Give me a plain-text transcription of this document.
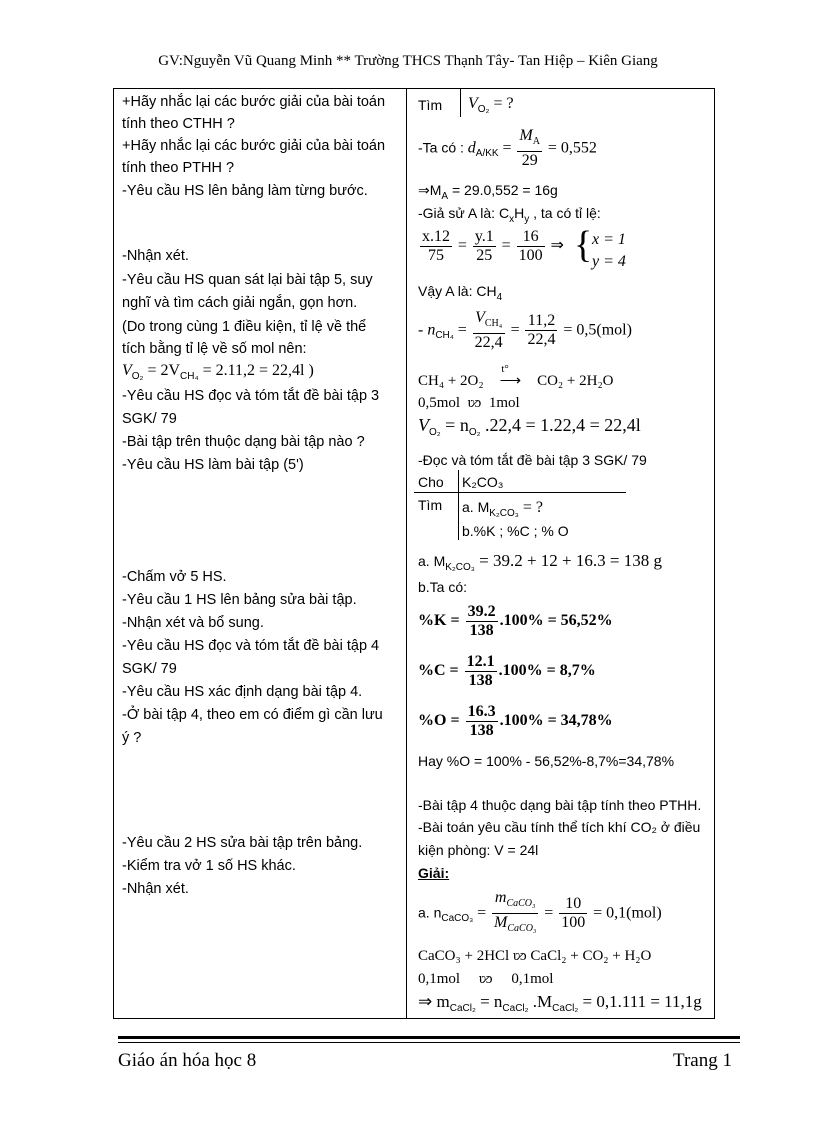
GV:Nguyễn Vũ Quang Minh ** Trường THCS Thạnh Tây- Tan Hiệp – Kiên Giang
+Hãy nhắc lại các bước giải của bài toán
tính theo CTHH ?
+Hãy nhắc lại các bước giải của bài toán
tính theo PTHH ?
-Yêu cầu HS lên bảng làm từng bước.
-Nhận xét.
-Yêu cầu HS quan sát lại bài tập 5, suy
nghĩ và tìm cách giải ngắn, gọn hơn.
(Do trong cùng 1 điều kiện, tỉ lệ về thể
tích bằng tỉ lệ về số mol nên:
$V_{O_2} = 2V_{CH_4} = 2.11,2 = 22,4l$ )
-Yêu cầu HS đọc và tóm tắt đề bài tập 3
SGK/ 79
-Bài tập trên thuộc dạng bài tập nào ?
-Yêu cầu HS làm bài tập (5')
-Chấm vở 5 HS.
-Yêu cầu 1 HS lên bảng sửa bài tập.
-Nhận xét và bổ sung.
-Yêu cầu HS đọc và tóm tắt đề bài tập 4
SGK/ 79
-Yêu cầu HS xác định dạng bài tập 4.
-Ở bài tập 4, theo em có điểm gì cần lưu
ý ?
-Yêu cầu 2 HS sửa bài tập trên bảng.
-Kiểm tra vở 1 số HS khác.
-Nhận xét.
Tìm $V_{O_2}$ = ?
-Ta có : $d_{A/KK} = \frac{M_A}{29} = 0,552$
$\Rightarrow M_A = 29.0,552 = 16g$
-Giả sử A là: $C_xH_y$ , ta có tỉ lệ:
$\frac{x.12}{75} = \frac{y.1}{25} = \frac{16}{100}$ ⇒ { x = 1
y = 4
Vậy A là: $CH_4$
- $n_{CH_4} = \frac{V_{CH_4}}{22,4} = \frac{11,2}{22,4} = 0,5(mol)$
CH₄ + 2O₂
t°
⟶ CO₂ + 2H₂O
0,5mol ʋ̷ɔ 1mol
$V_{O_2} = n_{O_2}$ .22,4 = 1.22,4 = 22,4l
-Đọc và tóm tắt đề bài tập 3 SGK/ 79
Cho K₂CO₃
Tìm a. $M_{K_2CO_3}$ = ?
b.%K ; %C ; % O
a. $M_{K_2CO_3} = 39.2 + 12 + 16.3 = 138$ g
b.Ta có:
$\%K = \frac{39.2}{138} .100\% = 56,52\%$
$\%C = \frac{12.1}{138} .100\% = 8,7\%$
$\%O = \frac{16.3}{138} .100\% = 34,78\%$
Hay %O = 100% - 56,52%-8,7%=34,78%
-Bài tập 4 thuộc dạng bài tập tính theo PTHH.
-Bài toán yêu cầu tính thể tích khí CO₂ ở điều
kiện phòng: V = 24l
Giải:
a. $n_{CaCO_3} = \frac{m_{CaCO_3}}{M_{CaCO_3}} = \frac{10}{100} = 0,1(mol)$
CaCO₃ + 2HCl ʋ̷ɔ CaCl₂ + CO₂ + H₂O
0,1mol ʋ̷ɔ 0,1mol
⇒ $m_{CaCl_2} = n_{CaCl_2}$ $.M_{CaCl_2} = 0,1.111 = 11,1g$
Giáo án hóa học 8	Trang 1
